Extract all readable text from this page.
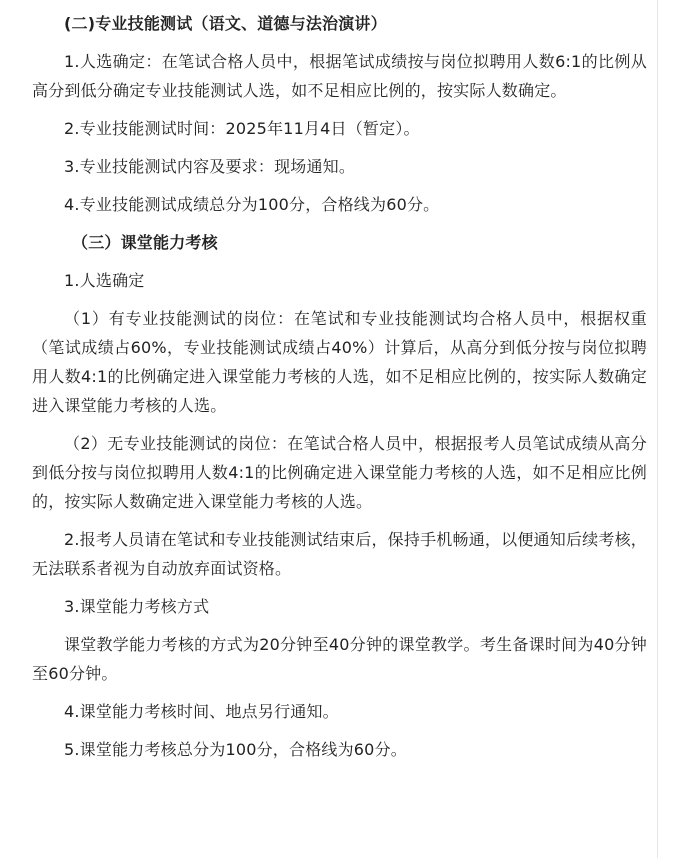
(二)专业技能测试（语文、道德与法治演讲）

1.人选确定：在笔试合格人员中，根据笔试成绩按与岗位拟聘用人数6:1的比例从高分到低分确定专业技能测试人选，如不足相应比例的，按实际人数确定。

2.专业技能测试时间：2025年11月4日（暂定）。

3.专业技能测试内容及要求：现场通知。

4.专业技能测试成绩总分为100分，合格线为60分。

（三）课堂能力考核

1.人选确定

（1）有专业技能测试的岗位：在笔试和专业技能测试均合格人员中，根据权重（笔试成绩占60%，专业技能测试成绩占40%）计算后，从高分到低分按与岗位拟聘用人数4:1的比例确定进入课堂能力考核的人选，如不足相应比例的，按实际人数确定进入课堂能力考核的人选。

（2）无专业技能测试的岗位：在笔试合格人员中，根据报考人员笔试成绩从高分到低分按与岗位拟聘用人数4:1的比例确定进入课堂能力考核的人选，如不足相应比例的，按实际人数确定进入课堂能力考核的人选。

2.报考人员请在笔试和专业技能测试结束后，保持手机畅通，以便通知后续考核，无法联系者视为自动放弃面试资格。

3.课堂能力考核方式

课堂教学能力考核的方式为20分钟至40分钟的课堂教学。考生备课时间为40分钟至60分钟。

4.课堂能力考核时间、地点另行通知。

5.课堂能力考核总分为100分，合格线为60分。
